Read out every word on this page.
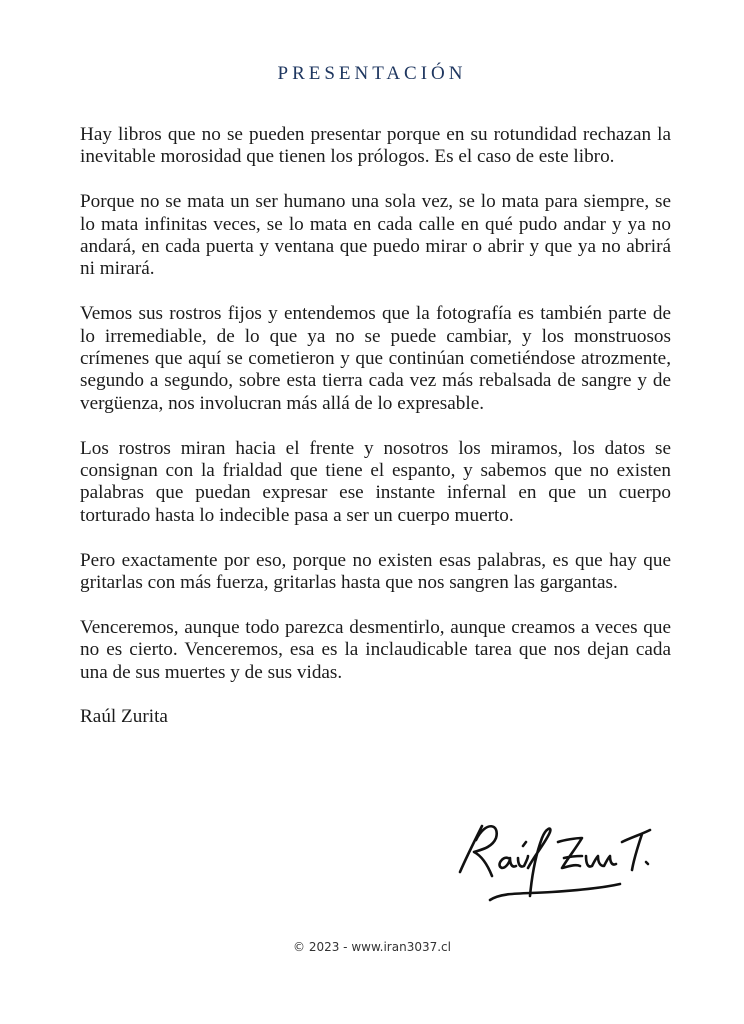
PRESENTACIÓN

Hay libros que no se pueden presentar porque en su rotundidad rechazan la inevitable morosidad que tienen los prólogos. Es el caso de este libro.

Porque no se mata un ser humano una sola vez, se lo mata para siempre, se lo mata infinitas veces, se lo mata en cada calle en qué pudo andar y ya no andará, en cada puerta y ventana que puedo mirar o abrir y que ya no abrirá ni mirará.

Vemos sus rostros fijos y entendemos que la fotografía es también parte de lo irremediable, de lo que ya no se puede cambiar, y los monstruosos crímenes que aquí se cometieron y que continúan cometiéndose atrozmente, segundo a segundo, sobre esta tierra cada vez más rebalsada de sangre y de vergüenza, nos involucran más allá de lo expresable.

Los rostros miran hacia el frente y nosotros los miramos, los datos se consignan con la frialdad que tiene el espanto, y sabemos que no existen palabras que puedan expresar ese instante infernal en que un cuerpo torturado hasta lo indecible pasa a ser un cuerpo muerto.

Pero exactamente por eso, porque no existen esas palabras, es que hay que gritarlas con más fuerza, gritarlas hasta que nos sangren las gargantas.

Venceremos, aunque todo parezca desmentirlo, aunque creamos a veces que no es cierto. Venceremos, esa es la inclaudicable tarea que nos dejan cada una de sus muertes y de sus vidas.

Raúl Zurita

© 2023 - www.iran3037.cl
